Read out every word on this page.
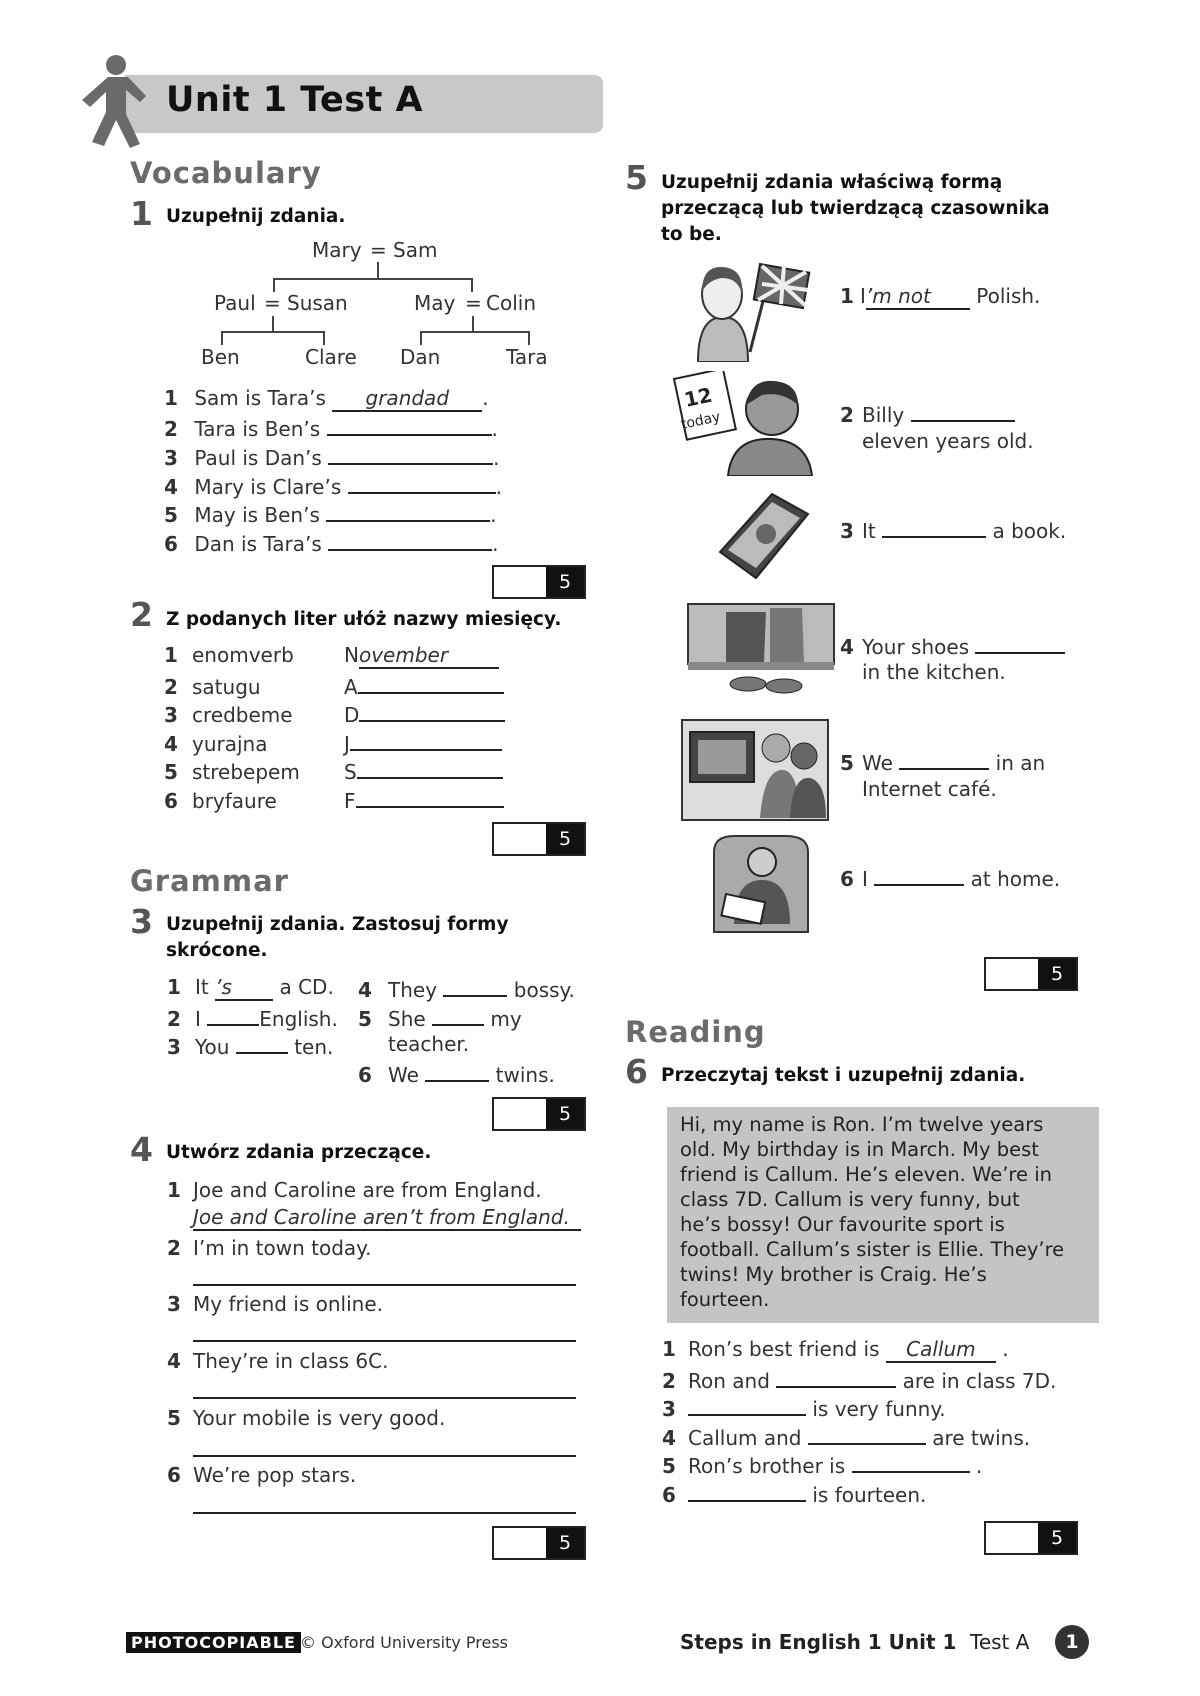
Unit 1 Test A
Vocabulary
1 Uzupełnij zdania.
Mary = Sam
Paul = Susan	May = Colin
Ben	Clare Dan	Tara
1 Sam is Tara’s grandad .
2 Tara is Ben’s	.
3 Paul is Dan’s	.
4 Mary is Clare’s	.
5 May is Ben’s	.
6 Dan is Tara’s	.
5
2 Z podanych liter ułóż nazwy miesięcy.
1 enomverb	November
2 satugu	A
3 credbeme	D
4 yurajna	J
5 strebepem S
6 bryfaure	F
5
Grammar
3 Uzupełnij zdania. Zastosuj formy
skrócone.
1 It ’s a CD.
2 I	English.
3 You	ten.
4 They	bossy.
5 She	my
teacher.
6 We	twins.
5
4 Utwórz zdania przeczące.
1 Joe and Caroline are from England.
Joe and Caroline aren’t from England.
2 I’m in town today.
3 My friend is online.
4 They’re in class 6C.
5 Your mobile is very good.
6 We’re pop stars.
5
5 Uzupełnij zdania właściwą formą
przeczącą lub twierdzącą czasownika
to be.
12
today
1 I’m not Polish.
2 Billy
eleven years old.
3 It	a book.
4 Your shoes
in the kitchen.
5 We	in an
Internet café.
6 I	at home.
5
Reading
6 Przeczytaj tekst i uzupełnij zdania.
Hi, my name is Ron. I’m twelve years
old. My birthday is in March. My best
friend is Callum. He’s eleven. We’re in
class 7D. Callum is very funny, but
he’s bossy! Our favourite sport is
football. Callum’s sister is Ellie. They’re
twins! My brother is Craig. He’s
fourteen.
1 Ron’s best friend is Callum .
2 Ron and	are in class 7D.
3	is very funny.
4 Callum and	are twins.
5 Ron’s brother is	.
6	is fourteen.
5
PHOTOCOPIABLE © Oxford University Press	Steps in English 1 Unit 1 Test A	1
